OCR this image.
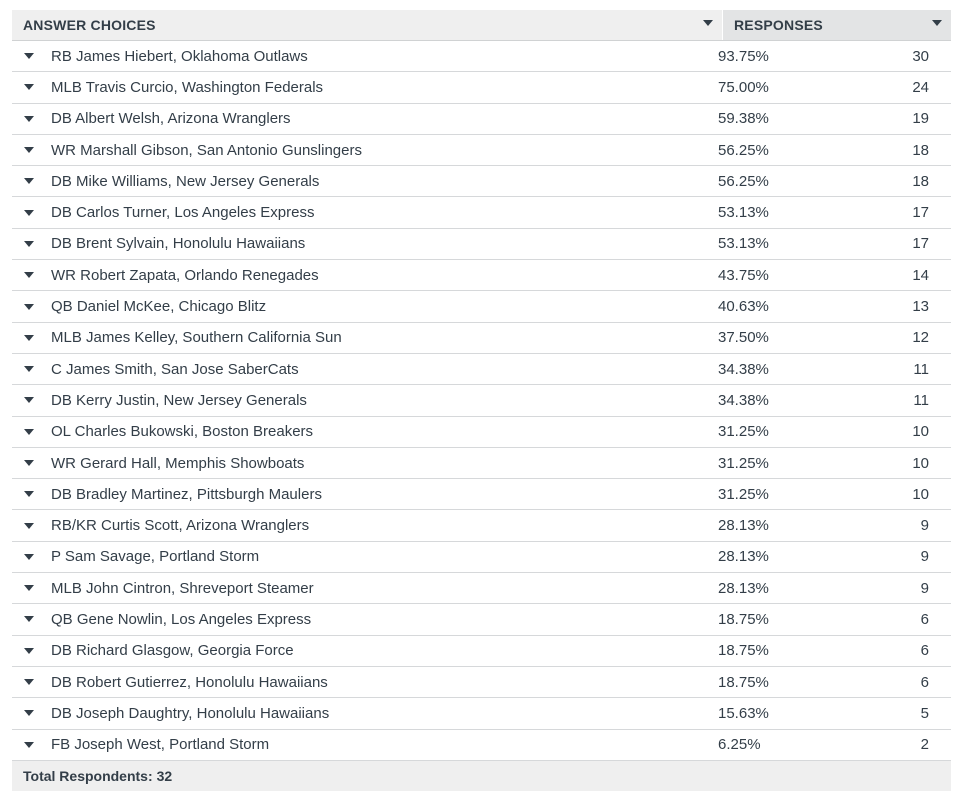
ANSWER CHOICES	RESPONSES
RB James Hiebert, Oklahoma Outlaws	93.75%	30
MLB Travis Curcio, Washington Federals	75.00%	24
DB Albert Welsh, Arizona Wranglers	59.38%	19
WR Marshall Gibson, San Antonio Gunslingers	56.25%	18
DB Mike Williams, New Jersey Generals	56.25%	18
DB Carlos Turner, Los Angeles Express	53.13%	17
DB Brent Sylvain, Honolulu Hawaiians	53.13%	17
WR Robert Zapata, Orlando Renegades	43.75%	14
QB Daniel McKee, Chicago Blitz	40.63%	13
MLB James Kelley, Southern California Sun	37.50%	12
C James Smith, San Jose SaberCats	34.38%	11
DB Kerry Justin, New Jersey Generals	34.38%	11
OL Charles Bukowski, Boston Breakers	31.25%	10
WR Gerard Hall, Memphis Showboats	31.25%	10
DB Bradley Martinez, Pittsburgh Maulers	31.25%	10
RB/KR Curtis Scott, Arizona Wranglers	28.13%	9
P Sam Savage, Portland Storm	28.13%	9
MLB John Cintron, Shreveport Steamer	28.13%	9
QB Gene Nowlin, Los Angeles Express	18.75%	6
DB Richard Glasgow, Georgia Force	18.75%	6
DB Robert Gutierrez, Honolulu Hawaiians	18.75%	6
DB Joseph Daughtry, Honolulu Hawaiians	15.63%	5
FB Joseph West, Portland Storm	6.25%	2
Total Respondents: 32
